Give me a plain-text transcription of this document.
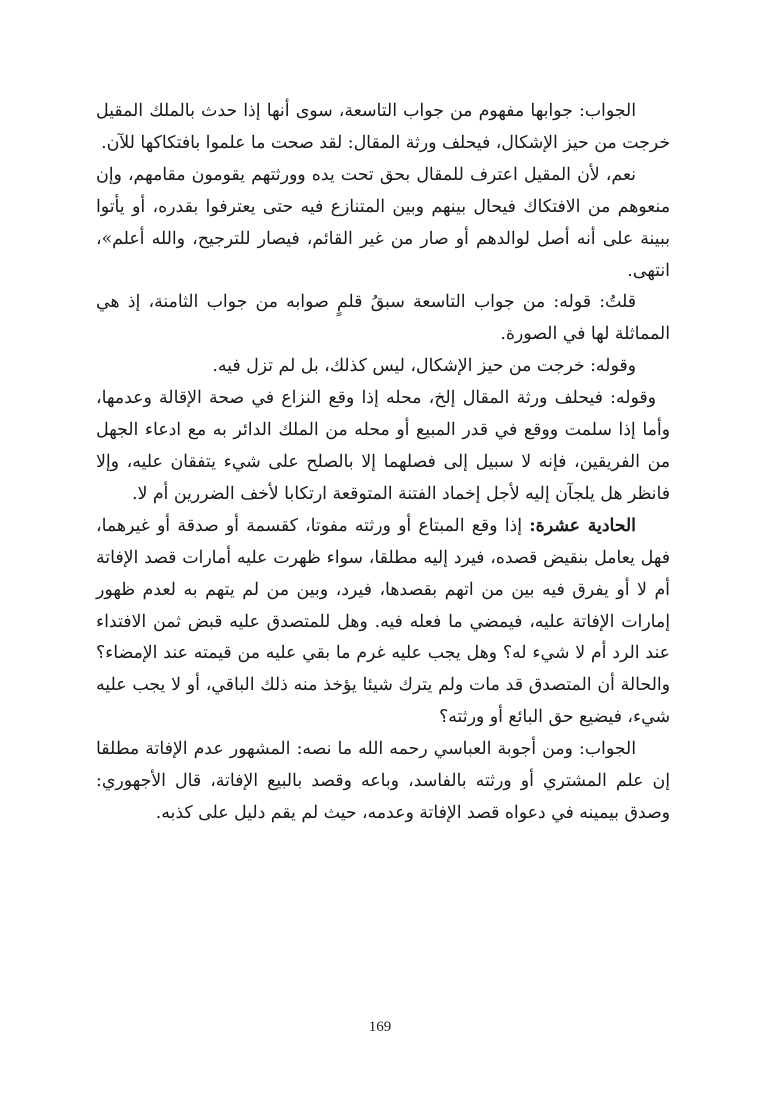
الجواب: جوابها مفهوم من جواب التاسعة، سوى أنها إذا حدث بالملك المقيل خرجت من حيز الإشكال، فيحلف ورثة المقال: لقد صحت ما علموا بافتكاكها للآن.

نعم، لأن المقيل اعترف للمقال بحق تحت يده وورثتهم يقومون مقامهم، وإن منعوهم من الافتكاك فيحال بينهم وبين المتنازع فيه حتى يعترفوا بقدره، أو يأتوا ببينة على أنه أصل لوالدهم أو صار من غير القائم، فيصار للترجيح، والله أعلم»، انتهى.

قلتُ: قوله: من جواب التاسعة سبقُ قلمٍ صوابه من جواب الثامنة، إذ هي المماثلة لها في الصورة.

وقوله: خرجت من حيز الإشكال، ليس كذلك، بل لم تزل فيه.

وقوله: فيحلف ورثة المقال إلخ، محله إذا وقع النزاع في صحة الإقالة وعدمها، وأما إذا سلمت ووقع في قدر المبيع أو محله من الملك الدائر به مع ادعاء الجهل من الفريقين، فإنه لا سبيل إلى فصلهما إلا بالصلح على شيء يتفقان عليه، وإلا فانظر هل يلجآن إليه لأجل إخماد الفتنة المتوقعة ارتكابا لأخف الضررين أم لا.

الحادية عشرة: إذا وقع المبتاع أو ورثته مفوتا، كقسمة أو صدقة أو غيرهما، فهل يعامل بنقيض قصده، فيرد إليه مطلقا، سواء ظهرت عليه أمارات قصد الإفاتة أم لا أو يفرق فيه بين من اتهم بقصدها، فيرد، وبين من لم يتهم به لعدم ظهور إمارات الإفاتة عليه، فيمضي ما فعله فيه. وهل للمتصدق عليه قبض ثمن الافتداء عند الرد أم لا شيء له؟ وهل يجب عليه غرم ما بقي عليه من قيمته عند الإمضاء؟ والحالة أن المتصدق قد مات ولم يترك شيئا يؤخذ منه ذلك الباقي، أو لا يجب عليه شيء، فيضيع حق البائع أو ورثته؟

الجواب: ومن أجوبة العباسي رحمه الله ما نصه: المشهور عدم الإفاتة مطلقا إن علم المشتري أو ورثته بالفاسد، وباعه وقصد بالبيع الإفاتة، قال الأجهوري: وصدق بيمينه في دعواه قصد الإفاتة وعدمه، حيث لم يقم دليل على كذبه.

169
